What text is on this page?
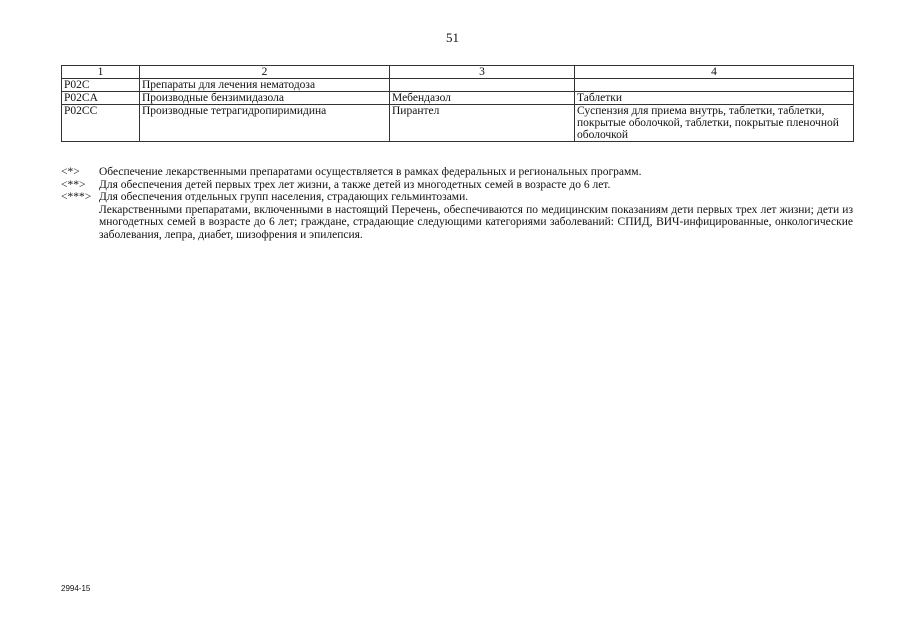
51
1	2	3	4
P02C	Препараты для лечения нематодоза		
P02CA	Производные бензимидазола	Мебендазол	Таблетки
P02CC	Производные тетрагидропиримидина	Пирантел	Суспензия для приема внутрь, таблетки, таблетки, покрытые оболочкой, таблетки, покрытые пленочной оболочкой
<*>	Обеспечение лекарственными препаратами осуществляется в рамках федеральных и региональных программ.
<**>	Для обеспечения детей первых трех лет жизни, а также детей из многодетных семей в возрасте до 6 лет.
<***> Для обеспечения отдельных групп населения, страдающих гельминтозами.
Лекарственными препаратами, включенными в настоящий Перечень, обеспечиваются по медицинским показаниям дети первых трех лет жизни; дети из многодетных семей в возрасте до 6 лет; граждане, страдающие следующими категориями заболеваний: СПИД, ВИЧ-инфицированные, онкологические заболевания, лепра, диабет, шизофрения и эпилепсия.
2994-15
